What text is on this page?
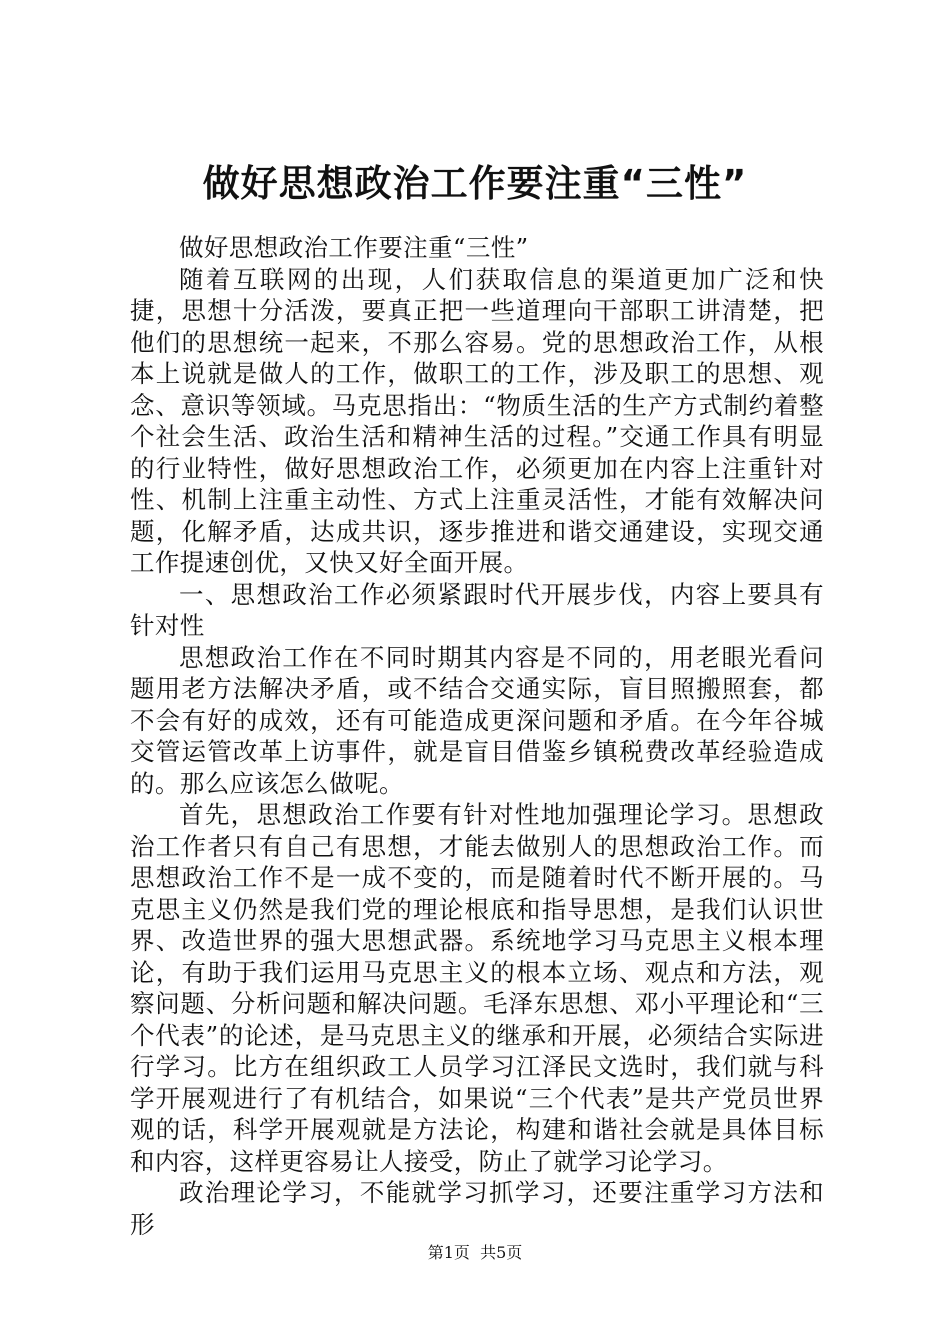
做好思想政治工作要注重“三性”

做好思想政治工作要注重“三性”

随着互联网的出现，人们获取信息的渠道更加广泛和快捷，思想十分活泼，要真正把一些道理向干部职工讲清楚，把他们的思想统一起来，不那么容易。党的思想政治工作，从根本上说就是做人的工作，做职工的工作，涉及职工的思想、观念、意识等领域。马克思指出：“物质生活的生产方式制约着整个社会生活、政治生活和精神生活的过程。”交通工作具有明显的行业特性，做好思想政治工作，必须更加在内容上注重针对性、机制上注重主动性、方式上注重灵活性，才能有效解决问题，化解矛盾，达成共识，逐步推进和谐交通建设，实现交通工作提速创优，又快又好全面开展。

一、思想政治工作必须紧跟时代开展步伐，内容上要具有针对性

思想政治工作在不同时期其内容是不同的，用老眼光看问题用老方法解决矛盾，或不结合交通实际，盲目照搬照套，都不会有好的成效，还有可能造成更深问题和矛盾。在今年谷城交管运管改革上访事件，就是盲目借鉴乡镇税费改革经验造成的。那么应该怎么做呢。

首先，思想政治工作要有针对性地加强理论学习。思想政治工作者只有自己有思想，才能去做别人的思想政治工作。而思想政治工作不是一成不变的，而是随着时代不断开展的。马克思主义仍然是我们党的理论根底和指导思想，是我们认识世界、改造世界的强大思想武器。系统地学习马克思主义根本理论，有助于我们运用马克思主义的根本立场、观点和方法，观察问题、分析问题和解决问题。毛泽东思想、邓小平理论和“三个代表”的论述，是马克思主义的继承和开展，必须结合实际进行学习。比方在组织政工人员学习江泽民文选时，我们就与科学开展观进行了有机结合，如果说“三个代表”是共产党员世界观的话，科学开展观就是方法论，构建和谐社会就是具体目标和内容，这样更容易让人接受，防止了就学习论学习。

政治理论学习，不能就学习抓学习，还要注重学习方法和形

第1页 共5页
